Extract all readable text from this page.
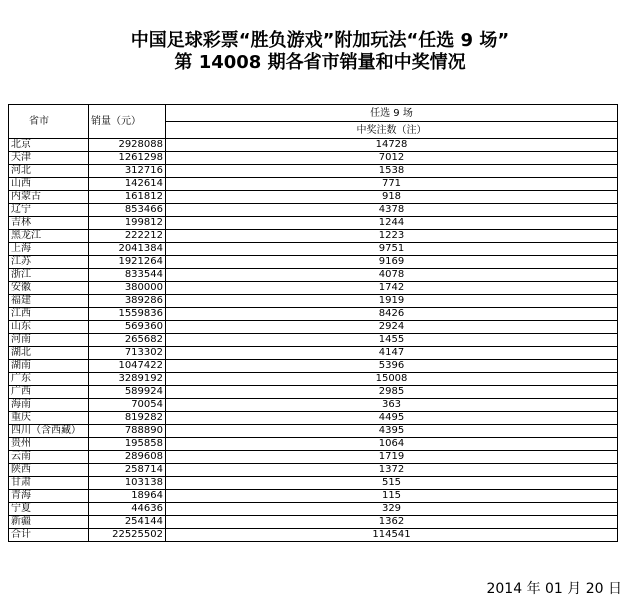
中国足球彩票“胜负游戏”附加玩法“任选 9 场”
第 14008 期各省市销量和中奖情况
省市	销量（元）	任选 9 场
		中奖注数（注）
北京	2928088	14728
天津	1261298	7012
河北	312716	1538
山西	142614	771
内蒙古	161812	918
辽宁	853466	4378
吉林	199812	1244
黑龙江	222212	1223
上海	2041384	9751
江苏	1921264	9169
浙江	833544	4078
安徽	380000	1742
福建	389286	1919
江西	1559836	8426
山东	569360	2924
河南	265682	1455
湖北	713302	4147
湖南	1047422	5396
广东	3289192	15008
广西	589924	2985
海南	70054	363
重庆	819282	4495
四川（含西藏）	788890	4395
贵州	195858	1064
云南	289608	1719
陕西	258714	1372
甘肃	103138	515
青海	18964	115
宁夏	44636	329
新疆	254144	1362
合计	22525502	114541
2014 年 01 月 20 日
